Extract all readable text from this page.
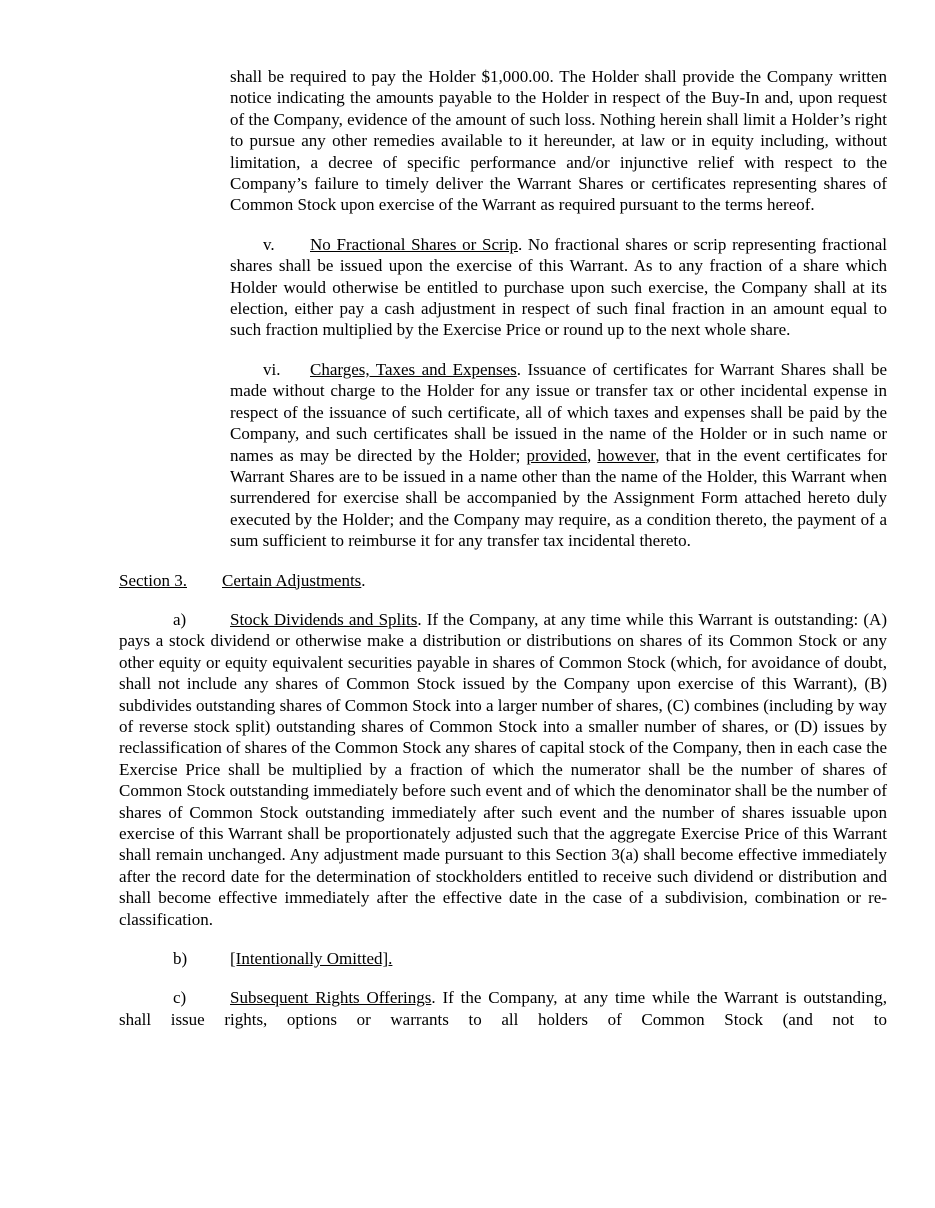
shall be required to pay the Holder $1,000.00. The Holder shall provide the Company written notice indicating the amounts payable to the Holder in respect of the Buy-In and, upon request of the Company, evidence of the amount of such loss. Nothing herein shall limit a Holder’s right to pursue any other remedies available to it hereunder, at law or in equity including, without limitation, a decree of specific performance and/or injunctive relief with respect to the Company’s failure to timely deliver the Warrant Shares or certificates representing shares of Common Stock upon exercise of the Warrant as required pursuant to the terms hereof.

v. No Fractional Shares or Scrip. No fractional shares or scrip representing fractional shares shall be issued upon the exercise of this Warrant. As to any fraction of a share which Holder would otherwise be entitled to purchase upon such exercise, the Company shall at its election, either pay a cash adjustment in respect of such final fraction in an amount equal to such fraction multiplied by the Exercise Price or round up to the next whole share.

vi. Charges, Taxes and Expenses. Issuance of certificates for Warrant Shares shall be made without charge to the Holder for any issue or transfer tax or other incidental expense in respect of the issuance of such certificate, all of which taxes and expenses shall be paid by the Company, and such certificates shall be issued in the name of the Holder or in such name or names as may be directed by the Holder; provided, however, that in the event certificates for Warrant Shares are to be issued in a name other than the name of the Holder, this Warrant when surrendered for exercise shall be accompanied by the Assignment Form attached hereto duly executed by the Holder; and the Company may require, as a condition thereto, the payment of a sum sufficient to reimburse it for any transfer tax incidental thereto.

Section 3. Certain Adjustments.

a)	Stock Dividends and Splits. If the Company, at any time while this Warrant is outstanding: (A) pays a stock dividend or otherwise make a distribution or distributions on shares of its Common Stock or any other equity or equity equivalent securities payable in shares of Common Stock (which, for avoidance of doubt, shall not include any shares of Common Stock issued by the Company upon exercise of this Warrant), (B) subdivides outstanding shares of Common Stock into a larger number of shares, (C) combines (including by way of reverse stock split) outstanding shares of Common Stock into a smaller number of shares, or (D) issues by reclassification of shares of the Common Stock any shares of capital stock of the Company, then in each case the Exercise Price shall be multiplied by a fraction of which the numerator shall be the number of shares of Common Stock outstanding immediately before such event and of which the denominator shall be the number of shares of Common Stock outstanding immediately after such event and the number of shares issuable upon exercise of this Warrant shall be proportionately adjusted such that the aggregate Exercise Price of this Warrant shall remain unchanged. Any adjustment made pursuant to this Section 3(a) shall become effective immediately after the record date for the determination of stockholders entitled to receive such dividend or distribution and shall become effective immediately after the effective date in the case of a subdivision, combination or re-classification.

b)	[Intentionally Omitted].

c)	Subsequent Rights Offerings. If the Company, at any time while the Warrant is outstanding, shall issue rights, options or warrants to all holders of Common Stock (and not to
